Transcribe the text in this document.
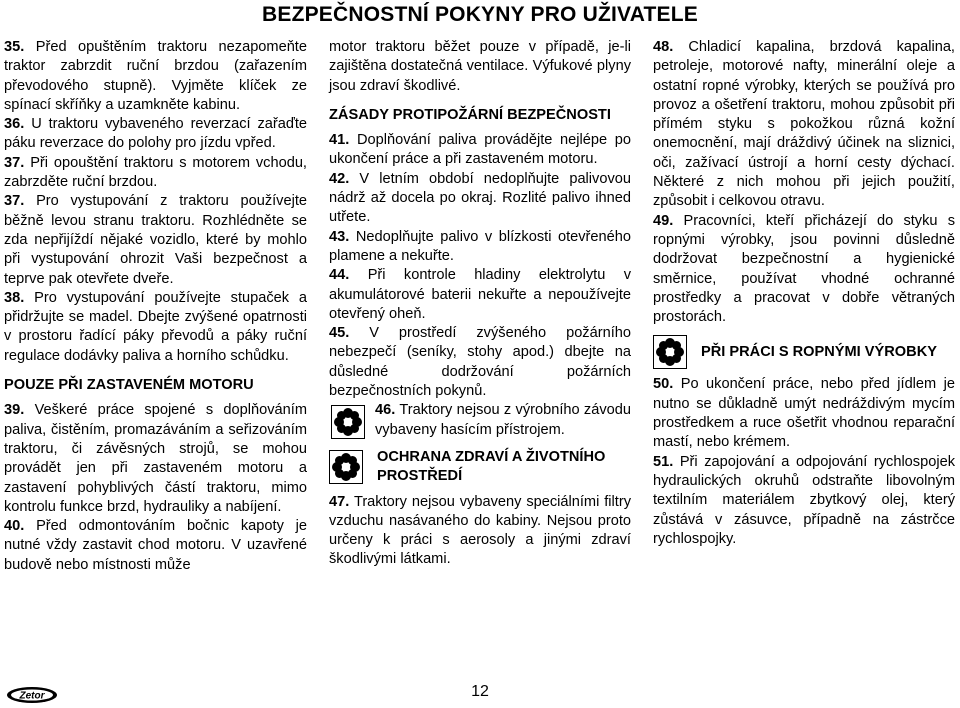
BEZPEČNOSTNÍ POKYNY PRO UŽIVATELE

35. Před opuštěním traktoru nezapomeňte traktor zabrzdit ruční brzdou (zařazením převodového stupně). Vyjměte klíček ze spínací skříňky a uzamkněte kabinu.

36. U traktoru vybaveného reverzací zařaďte páku reverzace do polohy pro jízdu vpřed.

37. Při opouštění traktoru s motorem vchodu, zabrzděte ruční brzdou.

37. Pro vystupování z traktoru používejte běžně levou stranu traktoru. Rozhlédněte se zda nepřijíždí nějaké vozidlo, které by mohlo při vystupování ohrozit Vaši bezpečnost a teprve pak otevřete dveře.

38. Pro vystupování používejte stupaček a přidržujte se madel. Dbejte zvýšené opatrnosti v prostoru řadící páky převodů a páky ruční regulace dodávky paliva a horního schůdku.

POUZE PŘI ZASTAVENÉM MOTORU

39. Veškeré práce spojené s doplňováním paliva, čistěním, promazáváním a seřizováním traktoru, či závěsných strojů, se mohou provádět jen při zastaveném motoru a zastavení pohyblivých částí traktoru, mimo kontrolu funkce brzd, hydrauliky a nabíjení.

40. Před odmontováním bočnic kapoty je nutné vždy zastavit chod motoru. V uzavřené budově nebo místnosti může

motor traktoru běžet pouze v případě, je-li zajištěna dostatečná ventilace. Výfukové plyny jsou zdraví škodlivé.

ZÁSADY PROTIPOŽÁRNÍ BEZPEČNOSTI

41. Doplňování paliva provádějte nejlépe po ukončení práce a při zastaveném motoru.

42. V letním období nedoplňujte palivovou nádrž až docela po okraj. Rozlité palivo ihned utřete.

43. Nedoplňujte palivo v blízkosti otevřeného plamene a nekuřte.

44. Při kontrole hladiny elektrolytu v akumulátorové baterii nekuřte a nepoužívejte otevřený oheň.

45. V prostředí zvýšeného požárního nebezpečí (seníky, stohy apod.) dbejte na důsledné dodržování požárních bezpečnostních pokynů.

46. Traktory nejsou z výrobního závodu vybaveny hasícím přístrojem.

OCHRANA ZDRAVÍ A ŽIVOTNÍHO PROSTŘEDÍ

47. Traktory nejsou vybaveny speciálními filtry vzduchu nasávaného do kabiny. Nejsou proto určeny k práci s aerosoly a jinými zdraví škodlivými látkami.

48. Chladicí kapalina, brzdová kapalina, petroleje, motorové nafty, minerální oleje a ostatní ropné výrobky, kterých se používá pro provoz a ošetření traktoru, mohou způsobit při přímém styku s pokožkou různá kožní onemocnění, mají dráždivý účinek na sliznici, oči, zažívací ústrojí a horní cesty dýchací. Některé z nich mohou při jejich použití, způsobit i celkovou otravu.

49. Pracovníci, kteří přicházejí do styku s ropnými výrobky, jsou povinni důsledně dodržovat bezpečnostní a hygienické směrnice, používat vhodné ochranné prostředky a pracovat v dobře větraných prostorách.

PŘI PRÁCI S ROPNÝMI VÝROBKY

50. Po ukončení práce, nebo před jídlem je nutno se důkladně umýt nedráždivým mycím prostředkem a ruce ošetřit vhodnou reparační mastí, nebo krémem.

51. Při zapojování a odpojování rychlospojek hydraulických okruhů odstraňte libovolným textilním materiálem zbytkový olej, který zůstává v zásuvce, případně na zástrčce rychlospojky.

Zetor	12
